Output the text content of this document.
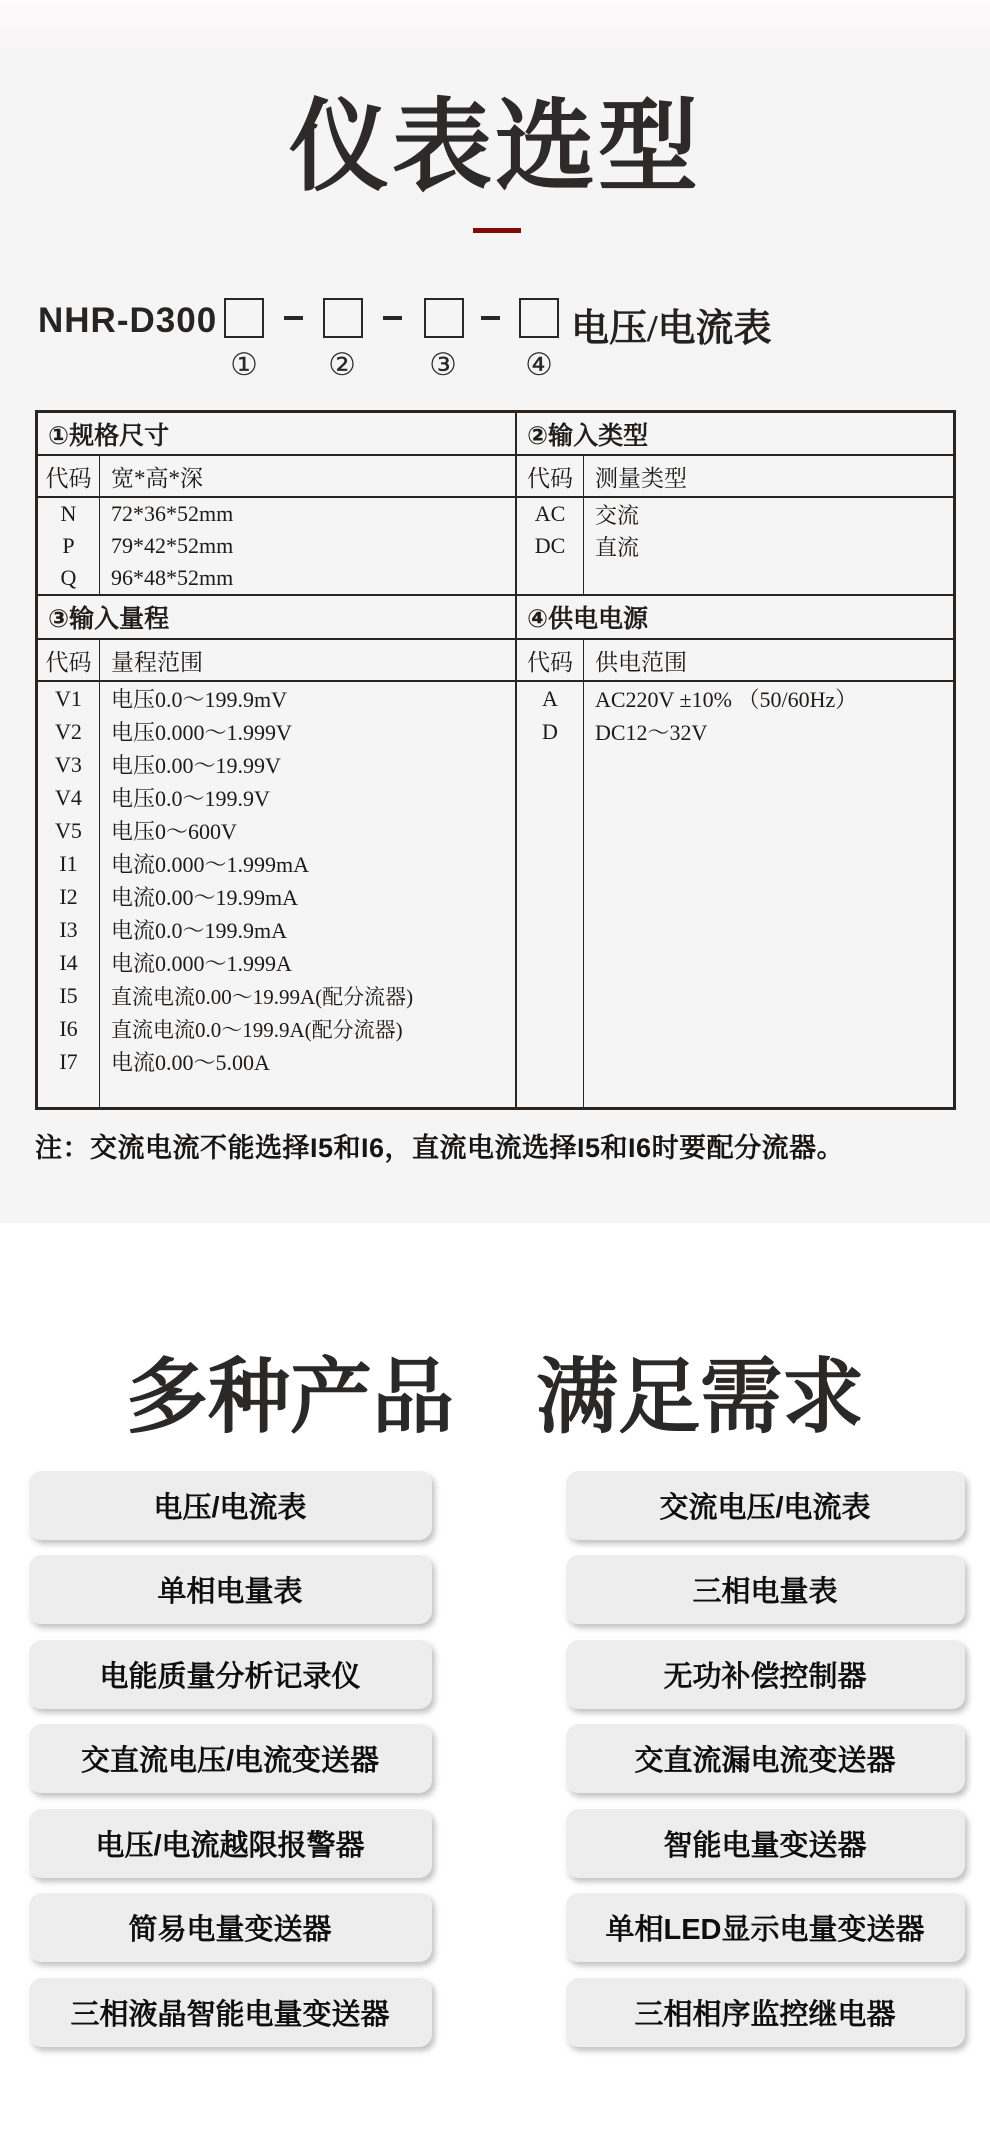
仪表选型
NHR-D300	电压/电流表
① ② ③ ④
①规格尺寸	②输入类型
代码 宽*高*深	代码 测量类型
N	72*36*52mm	AC	交流
P	79*42*52mm	DC	直流
Q	96*48*52mm
③输入量程	④供电电源
代码 量程范围	代码 供电范围
V1	电压0.0～199.9mV	A	AC220V ±10% （50/60Hz）
V2	电压0.000～1.999V	D	DC12～32V
V3	电压0.00～19.99V
V4	电压0.0～199.9V
V5	电压0～600V
I1	电流0.000～1.999mA
I2	电流0.00～19.99mA
I3	电流0.0～199.9mA
I4	电流0.000～1.999A
I5	直流电流0.00～19.99A(配分流器)
I6	直流电流0.0～199.9A(配分流器)
I7	电流0.00～5.00A
注：交流电流不能选择I5和I6，直流电流选择I5和I6时要配分流器。
多种产品　满足需求
电压/电流表
单相电量表
电能质量分析记录仪
交直流电压/电流变送器
电压/电流越限报警器
简易电量变送器
三相液晶智能电量变送器
交流电压/电流表
三相电量表
无功补偿控制器
交直流漏电流变送器
智能电量变送器
单相LED显示电量变送器
三相相序监控继电器
